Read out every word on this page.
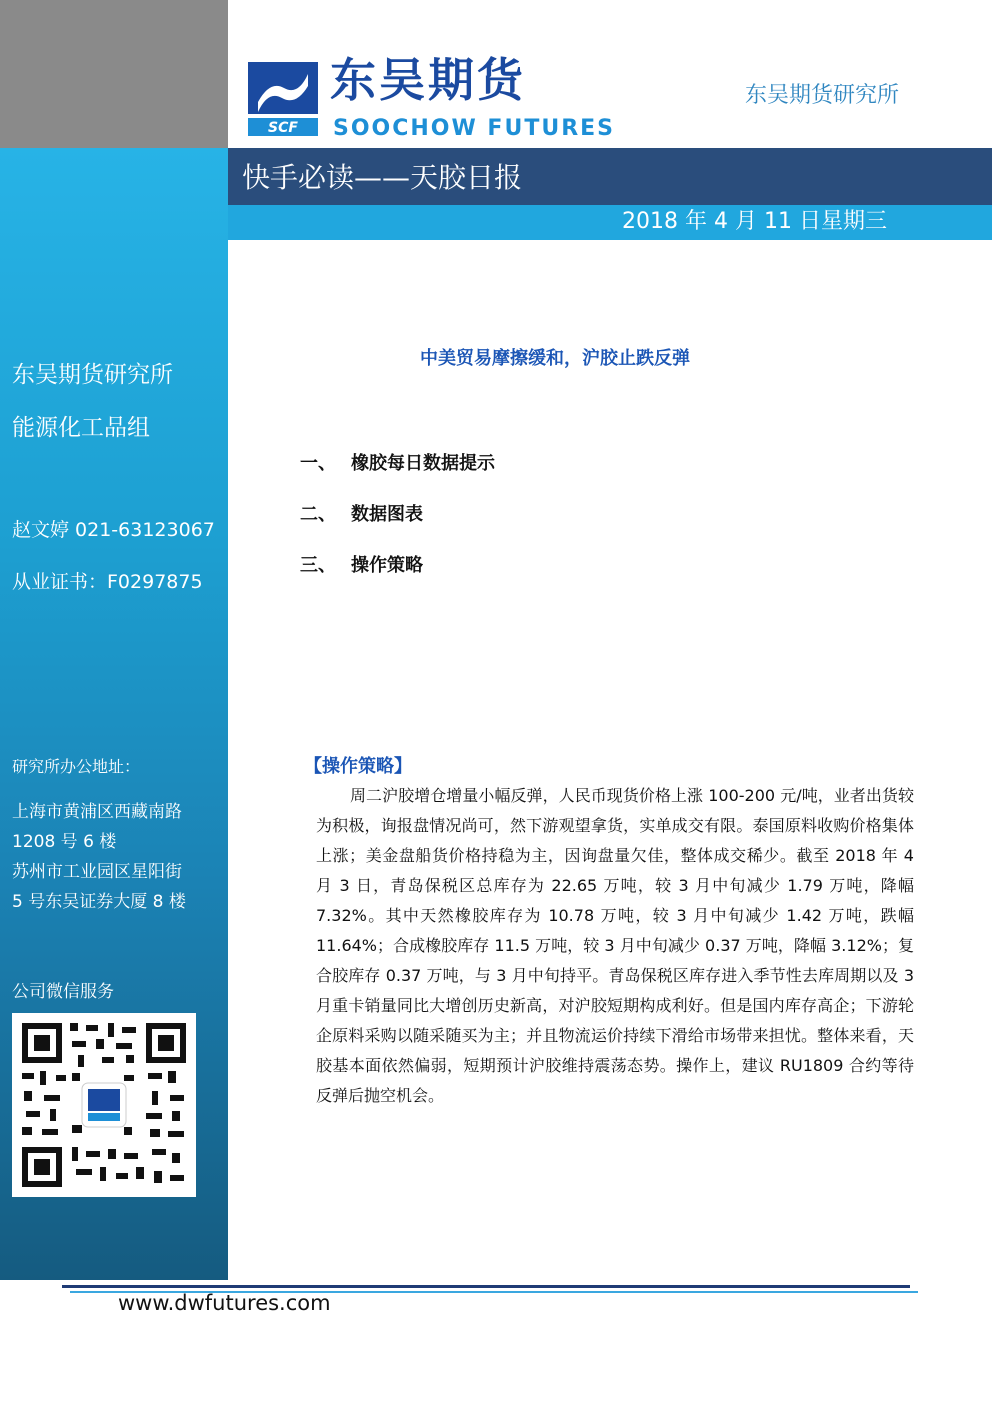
东吴期货研究所
能源化工品组
赵文婷 021-63123067
从业证书：F0297875
研究所办公地址：
上海市黄浦区西藏南路
1208 号 6 楼
苏州市工业园区星阳街
5 号东吴证券大厦 8 楼
公司微信服务
SCF
东吴期货
SOOCHOW FUTURES
东吴期货研究所
快手必读——天胶日报
2018 年 4 月 11 日星期三
中美贸易摩擦缓和，沪胶止跌反弹
一、 橡胶每日数据提示
二、 数据图表
三、 操作策略
【操作策略】
周二沪胶增仓增量小幅反弹，人民币现货价格上涨 100-200 元/吨，业者出货较为积极，询报盘情况尚可，然下游观望拿货，实单成交有限。泰国原料收购价格集体上涨；美金盘船货价格持稳为主，因询盘量欠佳，整体成交稀少。截至 2018 年 4 月 3 日，青岛保税区总库存为 22.65 万吨，较 3 月中旬减少 1.79 万吨，降幅 7.32%。其中天然橡胶库存为 10.78 万吨，较 3 月中旬减少 1.42 万吨，跌幅 11.64%；合成橡胶库存 11.5 万吨，较 3 月中旬减少 0.37 万吨，降幅 3.12%；复合胶库存 0.37 万吨，与 3 月中旬持平。青岛保税区库存进入季节性去库周期以及 3 月重卡销量同比大增创历史新高，对沪胶短期构成利好。但是国内库存高企；下游轮企原料采购以随采随买为主；并且物流运价持续下滑给市场带来担忧。整体来看，天胶基本面依然偏弱，短期预计沪胶维持震荡态势。操作上，建议 RU1809 合约等待反弹后抛空机会。
www.dwfutures.com
